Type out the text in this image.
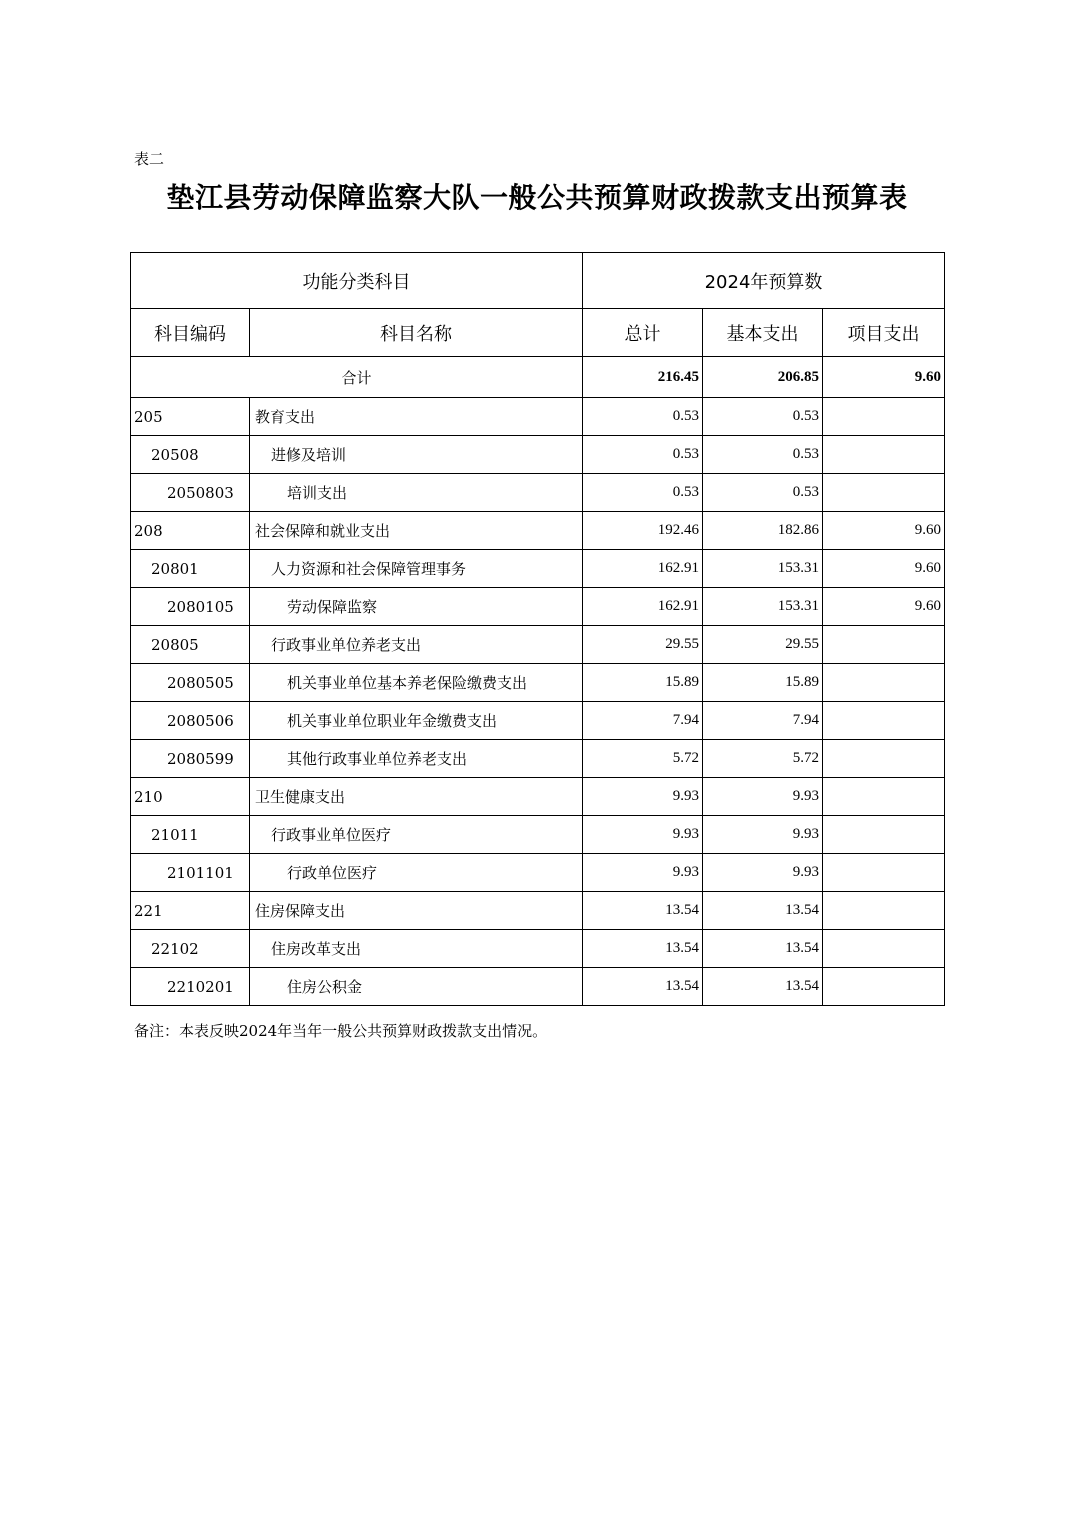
表二
垫江县劳动保障监察大队一般公共预算财政拨款支出预算表
功能分类科目		2024年预算数		
科目编码	科目名称	总计	基本支出	项目支出
合计		216.45	206.85	9.60
205	教育支出	0.53	0.53	
20508	进修及培训	0.53	0.53	
2050803	培训支出	0.53	0.53	
208	社会保障和就业支出	192.46	182.86	9.60
20801	人力资源和社会保障管理事务	162.91	153.31	9.60
2080105	劳动保障监察	162.91	153.31	9.60
20805	行政事业单位养老支出	29.55	29.55	
2080505	机关事业单位基本养老保险缴费支出	15.89	15.89	
2080506	机关事业单位职业年金缴费支出	7.94	7.94	
2080599	其他行政事业单位养老支出	5.72	5.72	
210	卫生健康支出	9.93	9.93	
21011	行政事业单位医疗	9.93	9.93	
2101101	行政单位医疗	9.93	9.93	
221	住房保障支出	13.54	13.54	
22102	住房改革支出	13.54	13.54	
2210201	住房公积金	13.54	13.54	
备注：本表反映2024年当年一般公共预算财政拨款支出情况。
